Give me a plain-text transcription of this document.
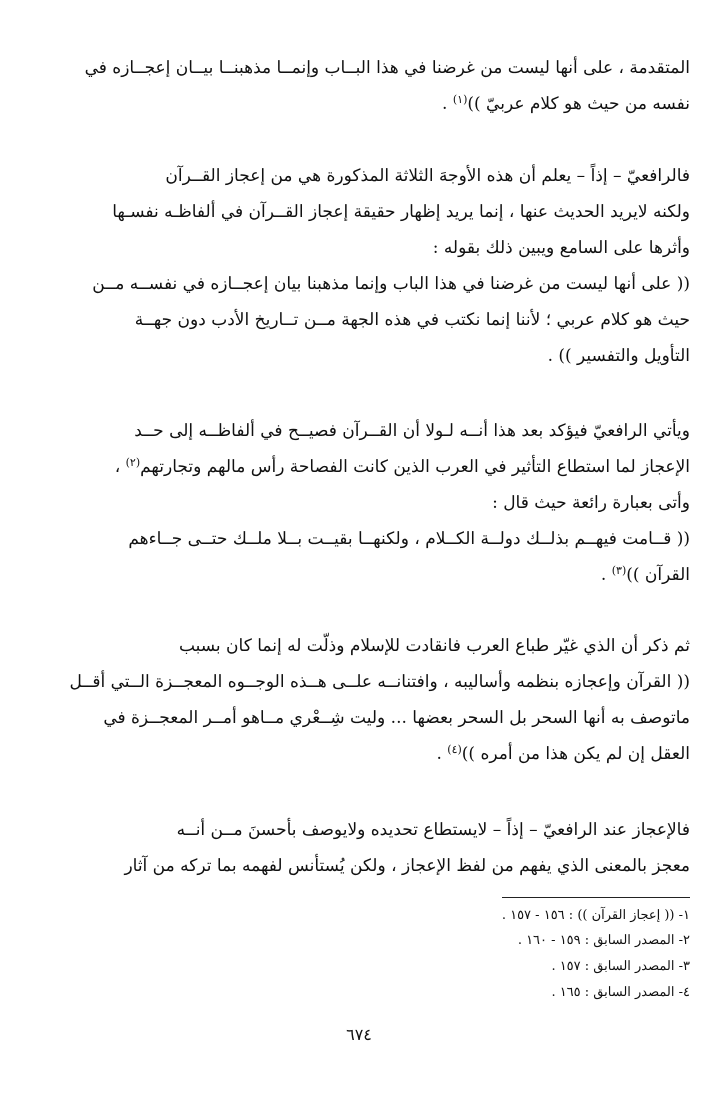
المتقدمة ، على أنها ليست من غرضنا في هذا البــاب وإنمــا مذهبنــا بيــان إعجــازه في
نفسه من حيث هو كلام عربيّ ))$^{(١)}$ .
فالرافعيّ – إذاً – يعلم أن هذه الأوجهَ الثلاثة المذكورة هي من إعجاز القــرآن
ولكنه لايريد الحديث عنها ، إنما يريد إظهار حقيقة إعجاز القــرآن في ألفاظـه نفسـها
وأثرها على السامع ويبين ذلك بقوله :
(( على أنها ليست من غرضنا في هذا الباب وإنما مذهبنا بيان إعجــازه في نفســه مــن
حيث هو كلام عربي ؛ لأننا إنما نكتب في هذه الجهة مــن تــاريخ الأدب دون جهــة
التأويل والتفسير )) .
ويأتي الرافعيّ فيؤكد بعد هذا أنــه لـولا أن القــرآن فصيــح في ألفاظــه إلى حــد
الإعجاز لما استطاع التأثير في العرب الذين كانت الفصاحة رأس مالهم وتجارتهم$^{(٢)}$ ،
وأتى بعبارة رائعة حيث قال :
(( قــامت فيهــم بذلــك دولــة الكــلام ، ولكنهــا بقيــت بــلا ملــك حتــى جــاءهم
القرآن ))$^{(٣)}$ .
ثم ذكر أن الذي غيّر طباع العرب فانقادت للإسلام وذلّت له إنما كان بسبب
(( القرآن وإعجازه بنظمه وأساليبه ، وافتنانــه علــى هــذه الوجــوه المعجــزة الــتي أقــل
ماتوصف به أنها السحر بل السحر بعضها ... وليت شِــعْري مــاهو أمــر المعجــزة في
العقل إن لم يكن هذا من أمره ))$^{(٤)}$ .
فالإعجاز عند الرافعيّ – إذاً – لايستطاع تحديده ولايوصف بأحسنَ مــن أنــه
معجز بالمعنى الذي يفهم من لفظ الإعجاز ، ولكن يُستأنس لفهمه بما تركه من آثار
١- (( إعجاز القرآن )) : ١٥٦ - ١٥٧ .
٢- المصدر السابق : ١٥٩ - ١٦٠ .
٣- المصدر السابق : ١٥٧ .
٤- المصدر السابق : ١٦٥ .
٦٧٤
